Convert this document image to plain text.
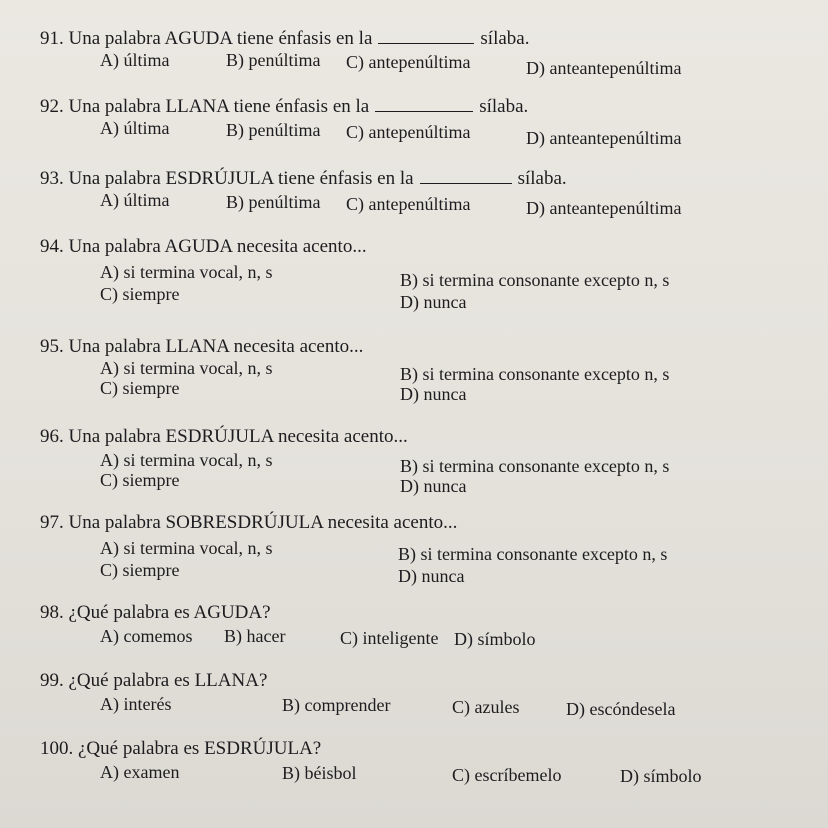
91. Una palabra AGUDA tiene énfasis en la	sílaba.
A) última	B) penúltima C) antepenúltima	D) anteantepenúltima
92. Una palabra LLANA tiene énfasis en la	sílaba.
A) última	B) penúltima C) antepenúltima	D) anteantepenúltima
93. Una palabra ESDRÚJULA tiene énfasis en la	sílaba.
A) última	B) penúltima C) antepenúltima	D) anteantepenúltima
94. Una palabra AGUDA necesita acento...
A) si termina vocal, n, s	B) si termina consonante excepto n, s
C) siempre	D) nunca
95. Una palabra LLANA necesita acento...
A) si termina vocal, n, s	B) si termina consonante excepto n, s
C) siempre	D) nunca
96. Una palabra ESDRÚJULA necesita acento...
A) si termina vocal, n, s	B) si termina consonante excepto n, s
C) siempre	D) nunca
97. Una palabra SOBRESDRÚJULA necesita acento...
A) si termina vocal, n, s	B) si termina consonante excepto n, s
C) siempre	D) nunca
98. ¿Qué palabra es AGUDA?
A) comemos B) hacer	C) inteligente D) símbolo
99. ¿Qué palabra es LLANA?
A) interés	B) comprender	C) azules	D) escóndesela
100. ¿Qué palabra es ESDRÚJULA?
A) examen	B) béisbol	C) escríbemelo	D) símbolo
